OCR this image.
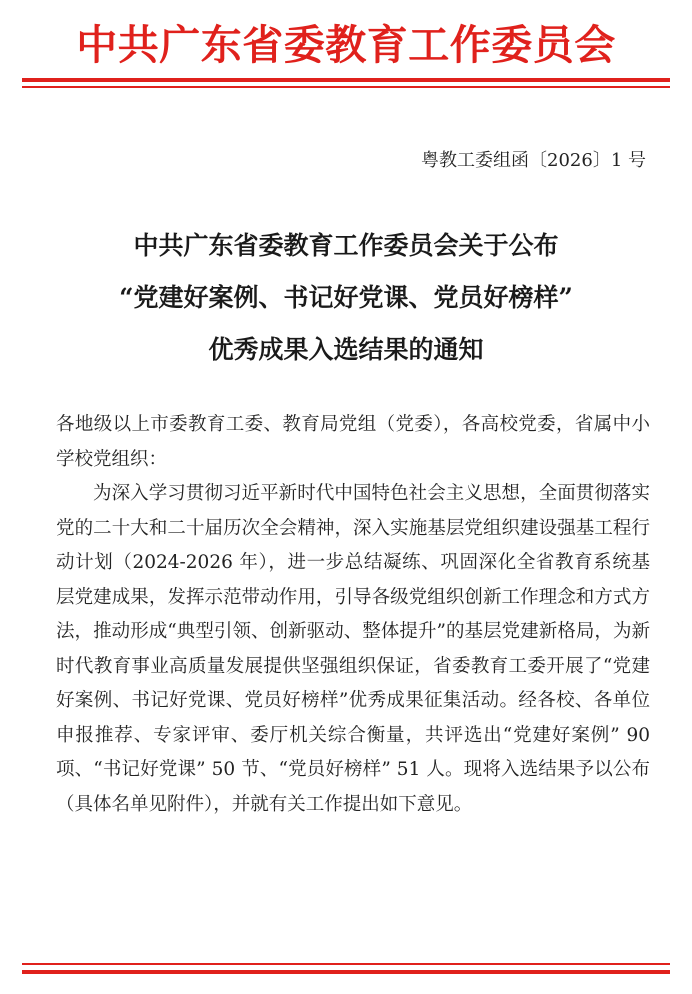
中共广东省委教育工作委员会
粤教工委组函〔2026〕1 号
中共广东省委教育工作委员会关于公布
“党建好案例、书记好党课、党员好榜样”
优秀成果入选结果的通知

各地级以上市委教育工委、教育局党组（党委），各高校党委，省属中小学校党组织：

为深入学习贯彻习近平新时代中国特色社会主义思想，全面贯彻落实党的二十大和二十届历次全会精神，深入实施基层党组织建设强基工程行动计划（2024-2026 年），进一步总结凝练、巩固深化全省教育系统基层党建成果，发挥示范带动作用，引导各级党组织创新工作理念和方式方法，推动形成“典型引领、创新驱动、整体提升”的基层党建新格局，为新时代教育事业高质量发展提供坚强组织保证，省委教育工委开展了“党建好案例、书记好党课、党员好榜样”优秀成果征集活动。经各校、各单位申报推荐、专家评审、委厅机关综合衡量，共评选出“党建好案例” 90 项、“书记好党课” 50 节、“党员好榜样” 51 人。现将入选结果予以公布（具体名单见附件），并就有关工作提出如下意见。
